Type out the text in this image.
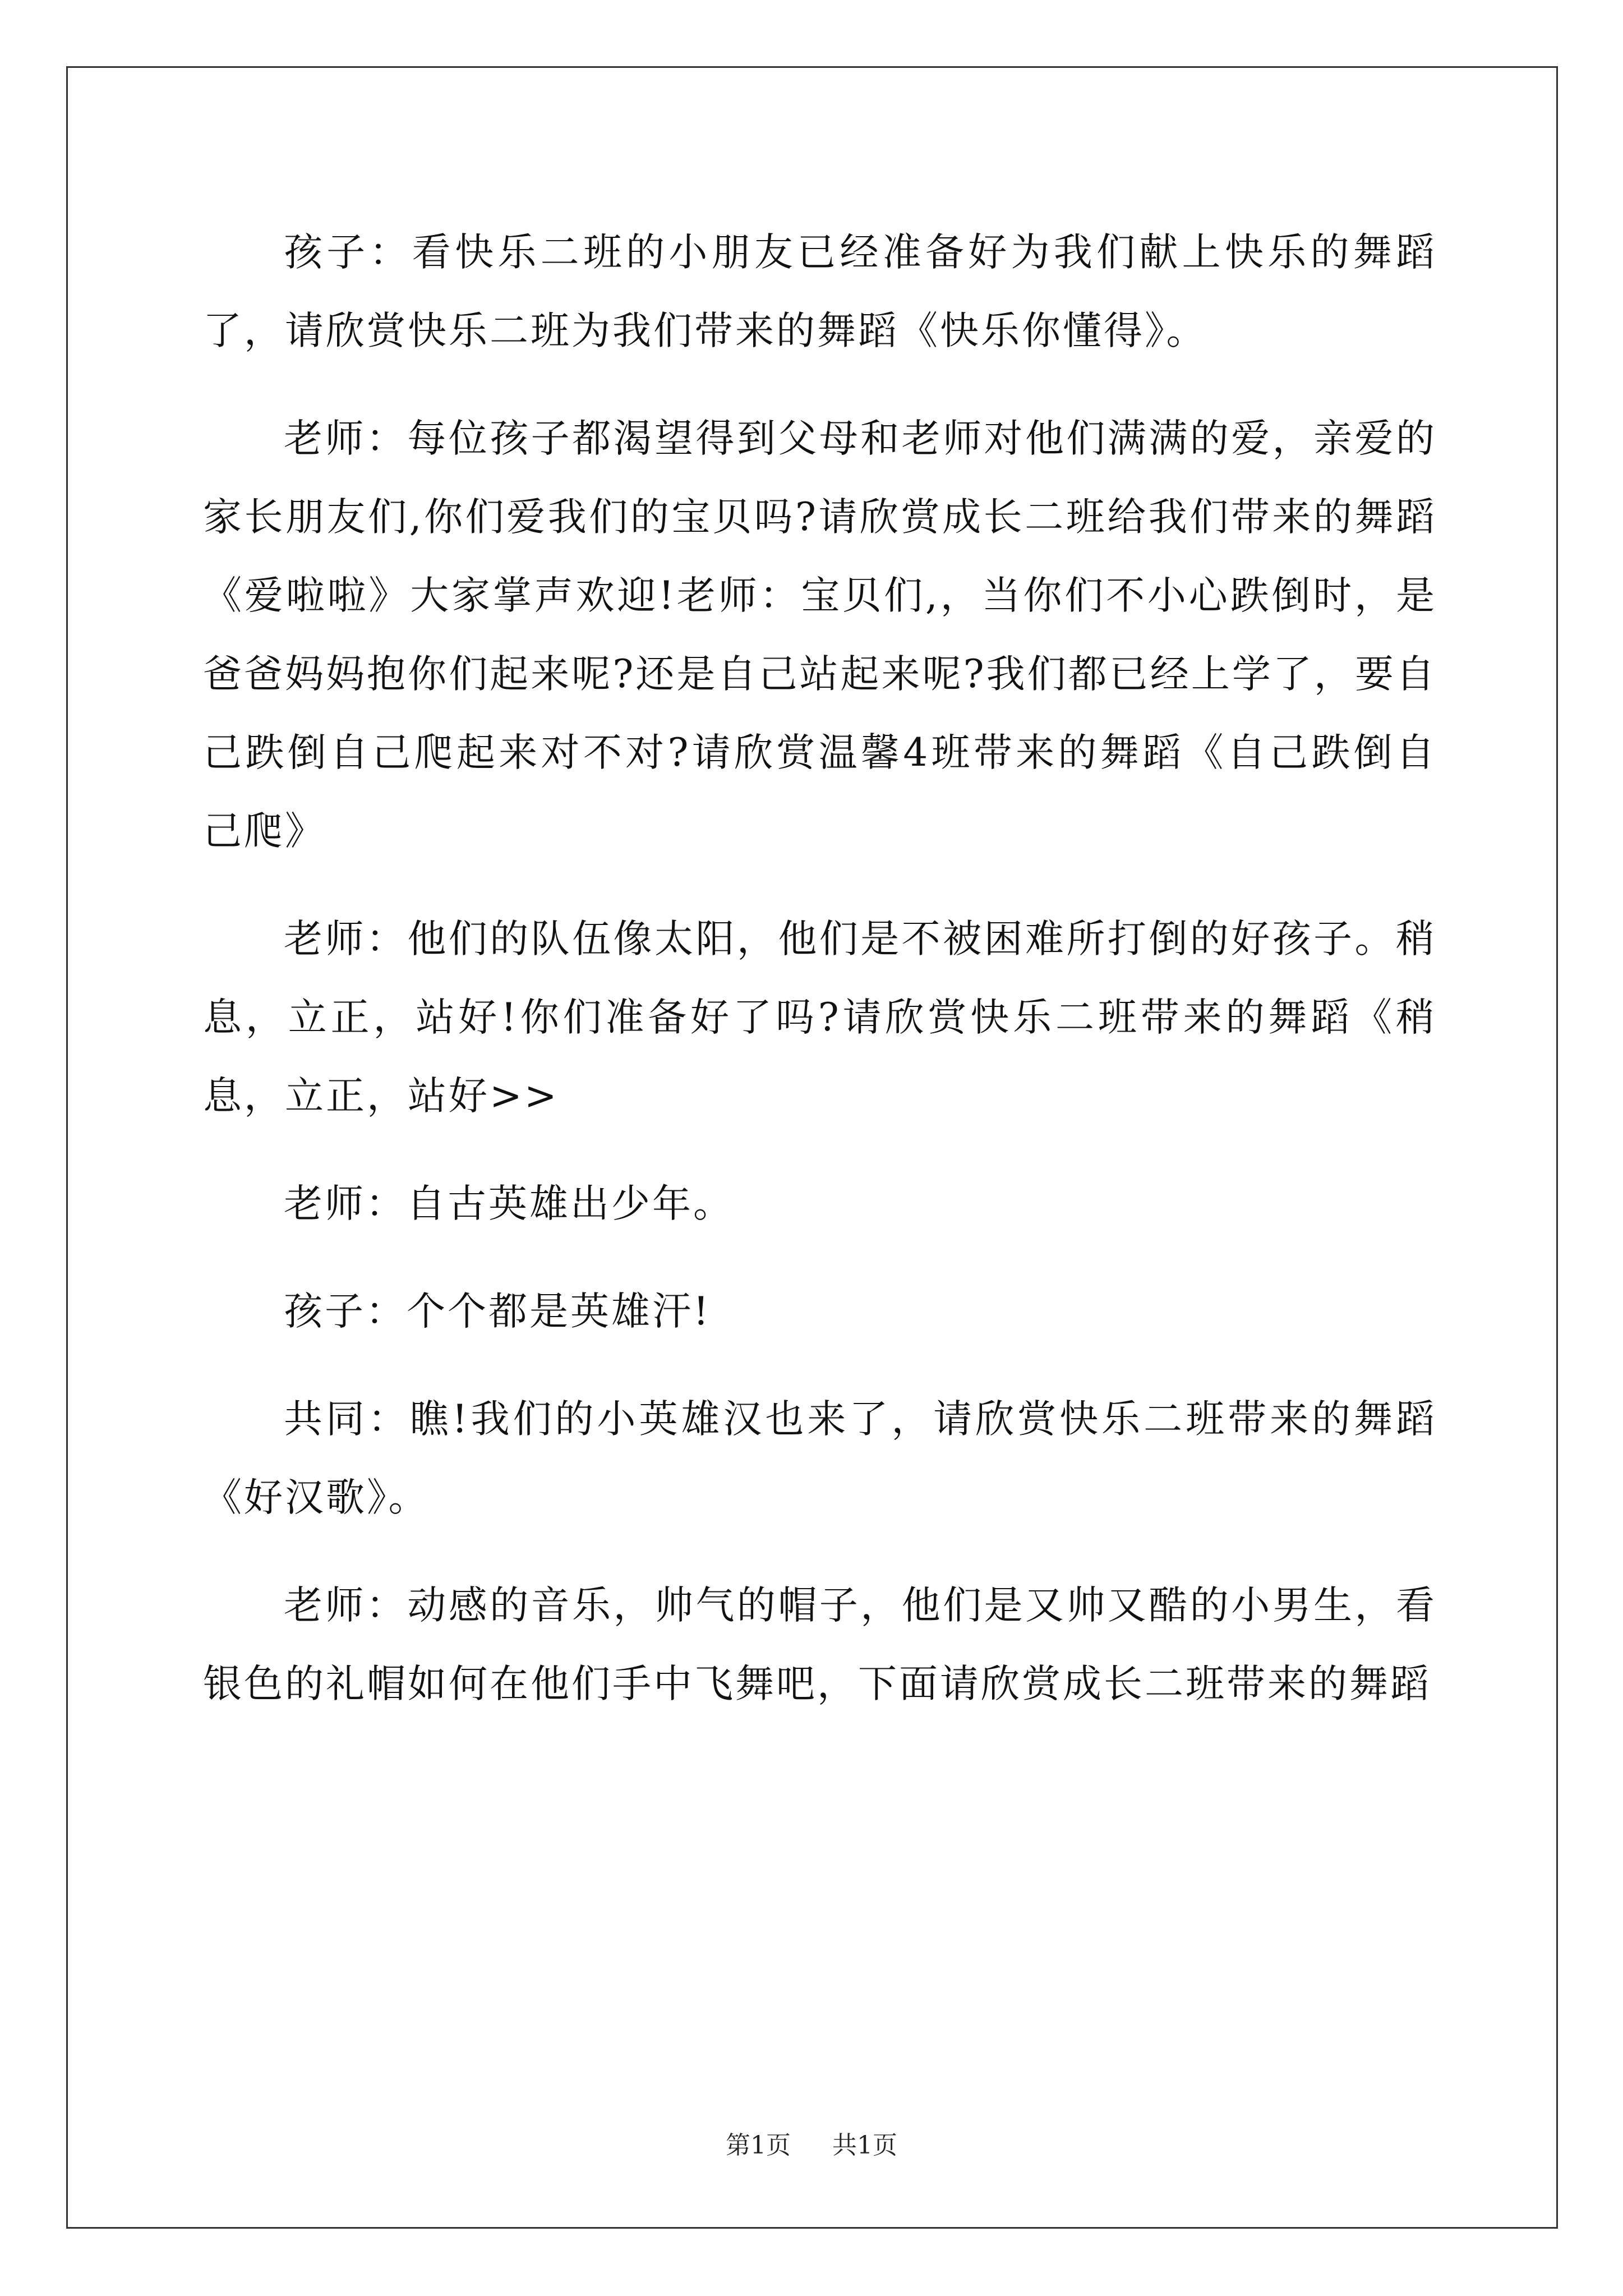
孩子：看快乐二班的小朋友已经准备好为我们献上快乐的舞蹈了，请欣赏快乐二班为我们带来的舞蹈《快乐你懂得》。

老师：每位孩子都渴望得到父母和老师对他们满满的爱，亲爱的家长朋友们,你们爱我们的宝贝吗?请欣赏成长二班给我们带来的舞蹈《爱啦啦》大家掌声欢迎!老师：宝贝们,，当你们不小心跌倒时，是爸爸妈妈抱你们起来呢?还是自己站起来呢?我们都已经上学了，要自己跌倒自己爬起来对不对?请欣赏温馨4班带来的舞蹈《自己跌倒自己爬》

老师：他们的队伍像太阳，他们是不被困难所打倒的好孩子。稍息，立正，站好!你们准备好了吗?请欣赏快乐二班带来的舞蹈《稍息，立正，站好>>

老师：自古英雄出少年。

孩子：个个都是英雄汗!

共同：瞧!我们的小英雄汉也来了，请欣赏快乐二班带来的舞蹈《好汉歌》。

老师：动感的音乐，帅气的帽子，他们是又帅又酷的小男生，看银色的礼帽如何在他们手中飞舞吧，下面请欣赏成长二班带来的舞蹈

第1页 共1页
